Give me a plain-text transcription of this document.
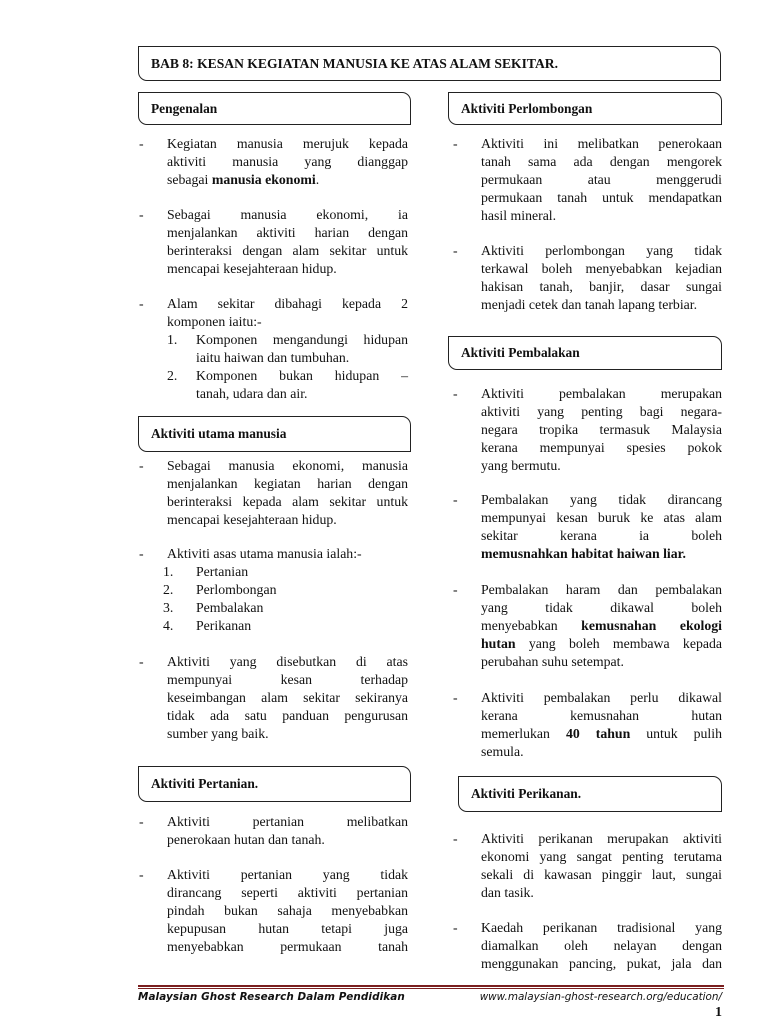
BAB 8: KESAN KEGIATAN MANUSIA KE ATAS ALAM SEKITAR.
Pengenalan
- Kegiatan manusia merujuk kepada
aktiviti manusia yang dianggap
sebagai manusia ekonomi.
- Sebagai manusia ekonomi, ia
menjalankan aktiviti harian dengan
berinteraksi dengan alam sekitar untuk
mencapai kesejahteraan hidup.
- Alam sekitar dibahagi kepada 2
komponen iaitu:-
1. Komponen mengandungi hidupan
iaitu haiwan dan tumbuhan.
2. Komponen bukan hidupan –
tanah, udara dan air.
Aktiviti utama manusia
- Sebagai manusia ekonomi, manusia
menjalankan kegiatan harian dengan
berinteraksi kepada alam sekitar untuk
mencapai kesejahteraan hidup.
- Aktiviti asas utama manusia ialah:-
1. Pertanian
2. Perlombongan
3. Pembalakan
4. Perikanan
- Aktiviti yang disebutkan di atas
mempunyai kesan terhadap
keseimbangan alam sekitar sekiranya
tidak ada satu panduan pengurusan
sumber yang baik.
Aktiviti Pertanian.
- Aktiviti pertanian melibatkan
penerokaan hutan dan tanah.
- Aktiviti pertanian yang tidak
dirancang seperti aktiviti pertanian
pindah bukan sahaja menyebabkan
kepupusan hutan tetapi juga
menyebabkan permukaan tanah
Aktiviti Perlombongan
- Aktiviti ini melibatkan penerokaan
tanah sama ada dengan mengorek
permukaan atau menggerudi
permukaan tanah untuk mendapatkan
hasil mineral.
- Aktiviti perlombongan yang tidak
terkawal boleh menyebabkan kejadian
hakisan tanah, banjir, dasar sungai
menjadi cetek dan tanah lapang terbiar.
Aktiviti Pembalakan
- Aktiviti pembalakan merupakan
aktiviti yang penting bagi negara-
negara tropika termasuk Malaysia
kerana mempunyai spesies pokok
yang bermutu.
- Pembalakan yang tidak dirancang
mempunyai kesan buruk ke atas alam
sekitar kerana ia boleh
memusnahkan habitat haiwan liar.
- Pembalakan haram dan pembalakan
yang tidak dikawal boleh
menyebabkan kemusnahan ekologi
hutan yang boleh membawa kepada
perubahan suhu setempat.
- Aktiviti pembalakan perlu dikawal
kerana kemusnahan hutan
memerlukan 40 tahun untuk pulih
semula.
Aktiviti Perikanan.
- Aktiviti perikanan merupakan aktiviti
ekonomi yang sangat penting terutama
sekali di kawasan pinggir laut, sungai
dan tasik.
- Kaedah perikanan tradisional yang
diamalkan oleh nelayan dengan
menggunakan pancing, pukat, jala dan
Malaysian Ghost Research Dalam Pendidikan	www.malaysian-ghost-research.org/education/
1
